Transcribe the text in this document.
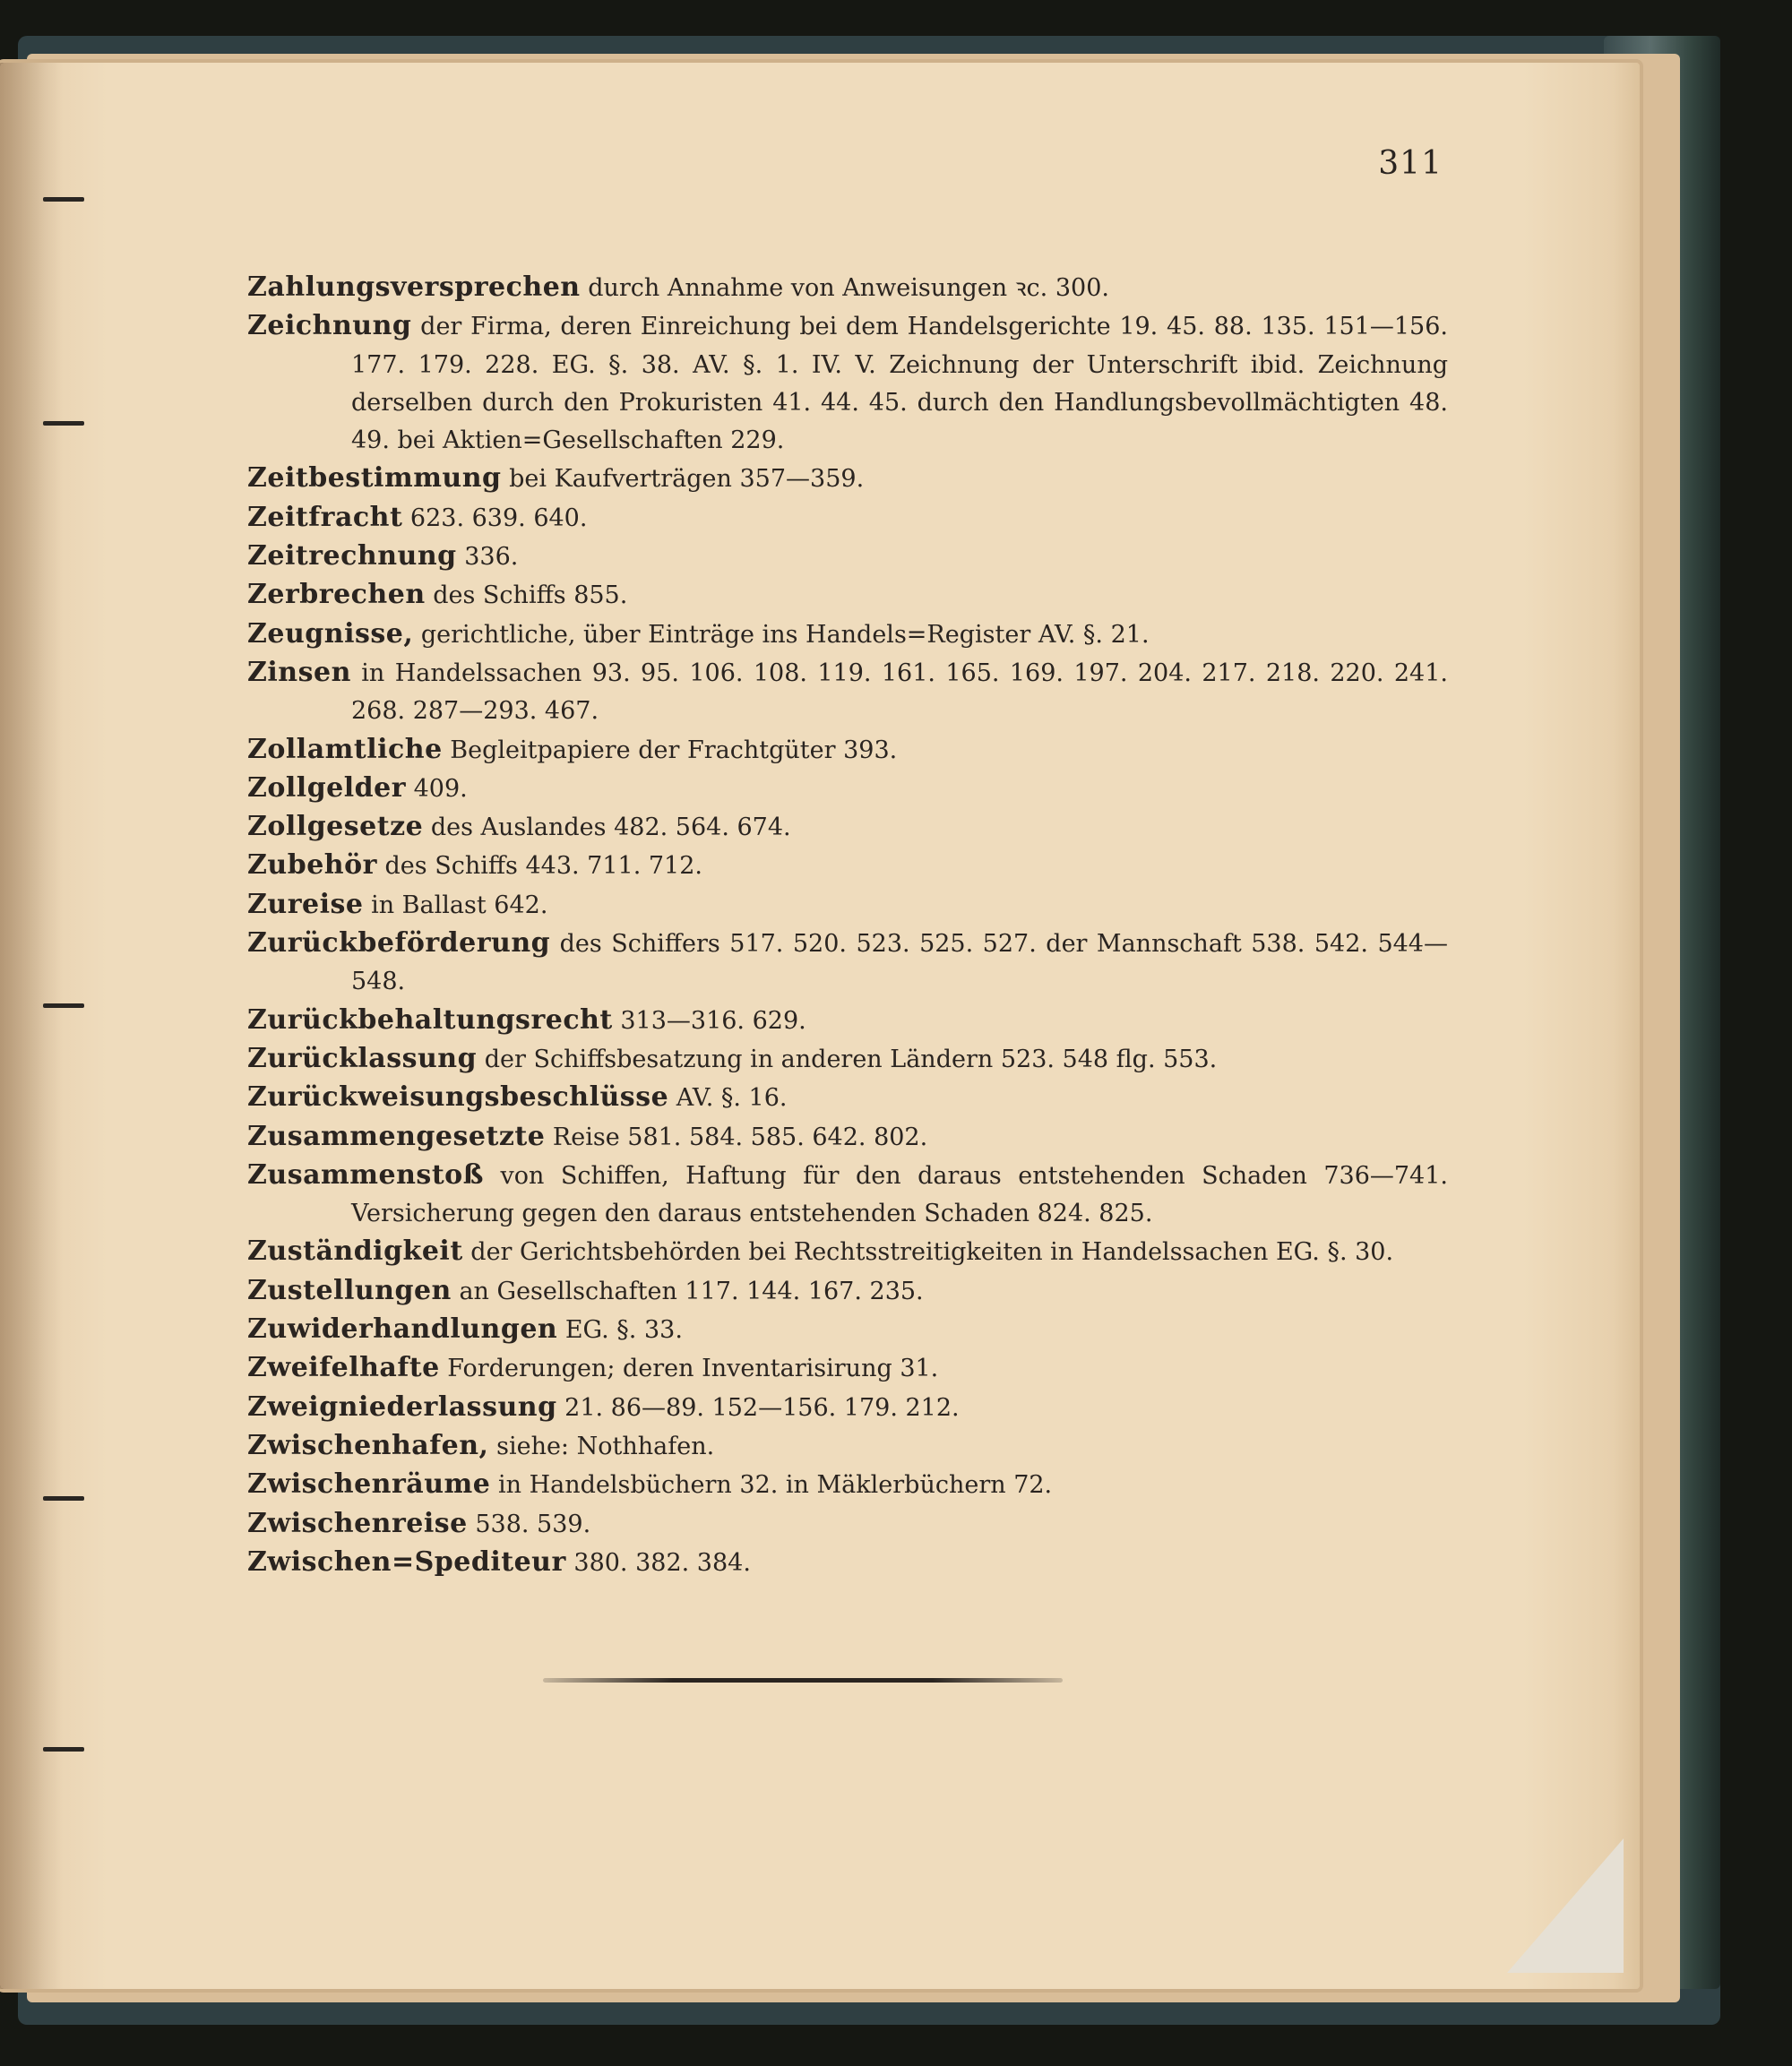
311
Zahlungsversprechen durch Annahme von Anweisungen ꝛc. 300.
Zeichnung der Firma, deren Einreichung bei dem Handelsgerichte 19. 45. 88. 135. 151—156. 177. 179. 228. EG. §. 38. AV. §. 1. IV. V. Zeichnung der Unterschrift ibid. Zeichnung derselben durch den Prokuristen 41. 44. 45. durch den Handlungsbevollmächtigten 48. 49. bei Aktien=Gesellschaften 229.
Zeitbestimmung bei Kaufverträgen 357—359.
Zeitfracht 623. 639. 640.
Zeitrechnung 336.
Zerbrechen des Schiffs 855.
Zeugnisse, gerichtliche, über Einträge ins Handels=Register AV. §. 21.
Zinsen in Handelssachen 93. 95. 106. 108. 119. 161. 165. 169. 197. 204. 217. 218. 220. 241. 268. 287—293. 467.
Zollamtliche Begleitpapiere der Frachtgüter 393.
Zollgelder 409.
Zollgesetze des Auslandes 482. 564. 674.
Zubehör des Schiffs 443. 711. 712.
Zureise in Ballast 642.
Zurückbeförderung des Schiffers 517. 520. 523. 525. 527. der Mannschaft 538. 542. 544—548.
Zurückbehaltungsrecht 313—316. 629.
Zurücklassung der Schiffsbesatzung in anderen Ländern 523. 548 flg. 553.
Zurückweisungsbeschlüsse AV. §. 16.
Zusammengesetzte Reise 581. 584. 585. 642. 802.
Zusammenstoß von Schiffen, Haftung für den daraus entstehenden Schaden 736—741. Versicherung gegen den daraus entstehenden Schaden 824. 825.
Zuständigkeit der Gerichtsbehörden bei Rechtsstreitigkeiten in Handelssachen EG. §. 30.
Zustellungen an Gesellschaften 117. 144. 167. 235.
Zuwiderhandlungen EG. §. 33.
Zweifelhafte Forderungen; deren Inventarisirung 31.
Zweigniederlassung 21. 86—89. 152—156. 179. 212.
Zwischenhafen, siehe: Nothhafen.
Zwischenräume in Handelsbüchern 32. in Mäklerbüchern 72.
Zwischenreise 538. 539.
Zwischen=Spediteur 380. 382. 384.
